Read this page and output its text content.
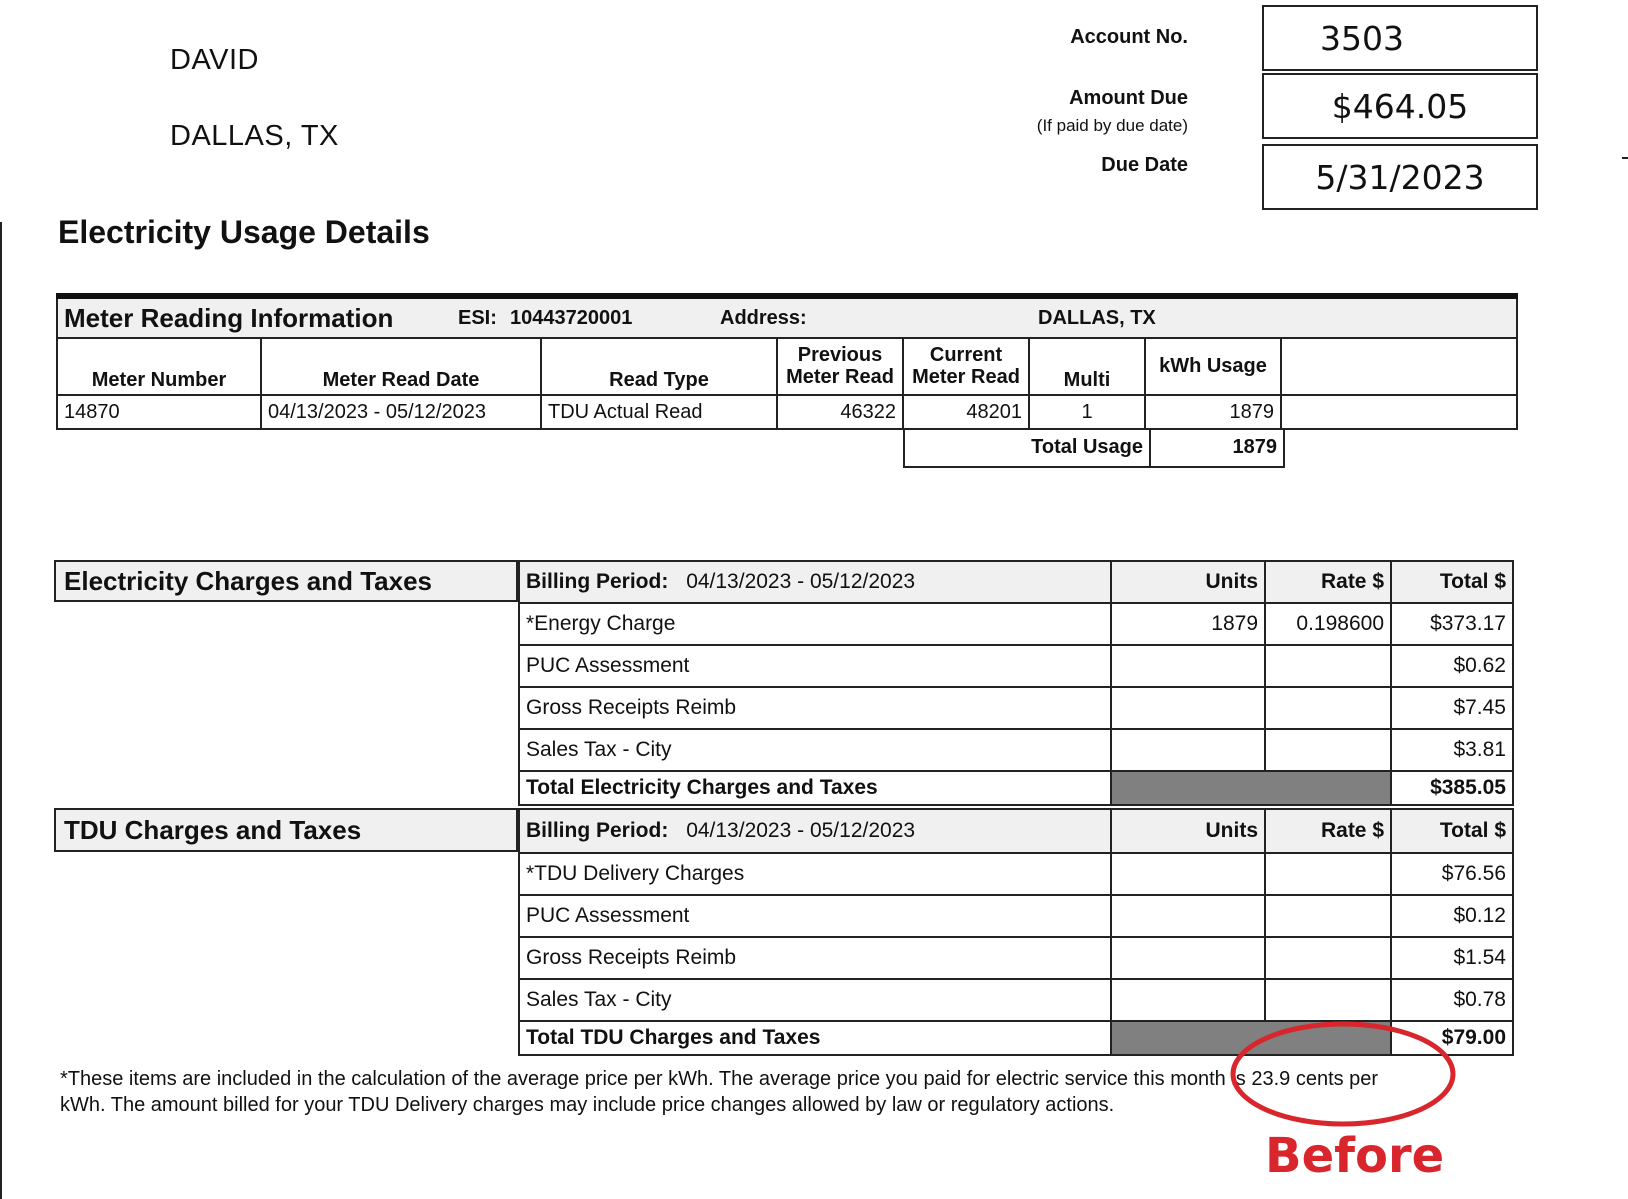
DAVID
DALLAS, TX
Account No.	3503
Amount Due
(If paid by due date)	$464.05
Due Date	5/31/2023
Electricity Usage Details
Meter Reading Information	ESI: 10443720001	Address:	DALLAS, TX
Meter Number	Meter Read Date	Read Type	Previous Meter Read	Current Meter Read	Multi	kWh Usage	
14870	04/13/2023 - 05/12/2023	TDU Actual Read	46322	48201	1	1879	
Total Usage	1879
Electricity Charges and Taxes	Billing Period: 04/13/2023 - 05/12/2023	Units	Rate $	Total $
*Energy Charge	1879	0.198600	$373.17
PUC Assessment			$0.62
Gross Receipts Reimb			$7.45
Sales Tax - City			$3.81
Total Electricity Charges and Taxes			$385.05
TDU Charges and Taxes	Billing Period: 04/13/2023 - 05/12/2023	Units	Rate $	Total $
*TDU Delivery Charges			$76.56
PUC Assessment			$0.12
Gross Receipts Reimb			$1.54
Sales Tax - City			$0.78
Total TDU Charges and Taxes			$79.00
*These items are included in the calculation of the average price per kWh. The average price you paid for electric service this month is 23.9 cents per
kWh. The amount billed for your TDU Delivery charges may include price changes allowed by law or regulatory actions.
Before
